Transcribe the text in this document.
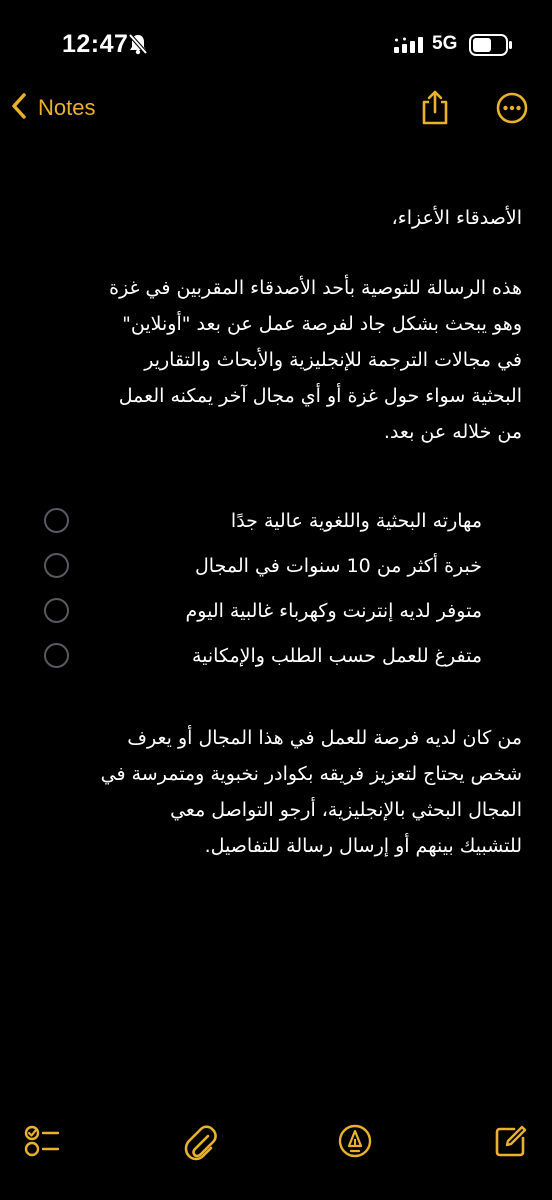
12:47	5G
Notes

الأصدقاء الأعزاء،

هذه الرسالة للتوصية بأحد الأصدقاء المقربين في غزة
وهو يبحث بشكل جاد لفرصة عمل عن بعد "أونلاين"
في مجالات الترجمة للإنجليزية والأبحاث والتقارير
البحثية سواء حول غزة أو أي مجال آخر يمكنه العمل
من خلاله عن بعد.

مهارته البحثية واللغوية عالية جدًا
خبرة أكثر من 10 سنوات في المجال
متوفر لديه إنترنت وكهرباء غالبية اليوم
متفرغ للعمل حسب الطلب والإمكانية

من كان لديه فرصة للعمل في هذا المجال أو يعرف
شخص يحتاج لتعزيز فريقه بكوادر نخبوية ومتمرسة في
المجال البحثي بالإنجليزية، أرجو التواصل معي
للتشبيك بينهم أو إرسال رسالة للتفاصيل.
